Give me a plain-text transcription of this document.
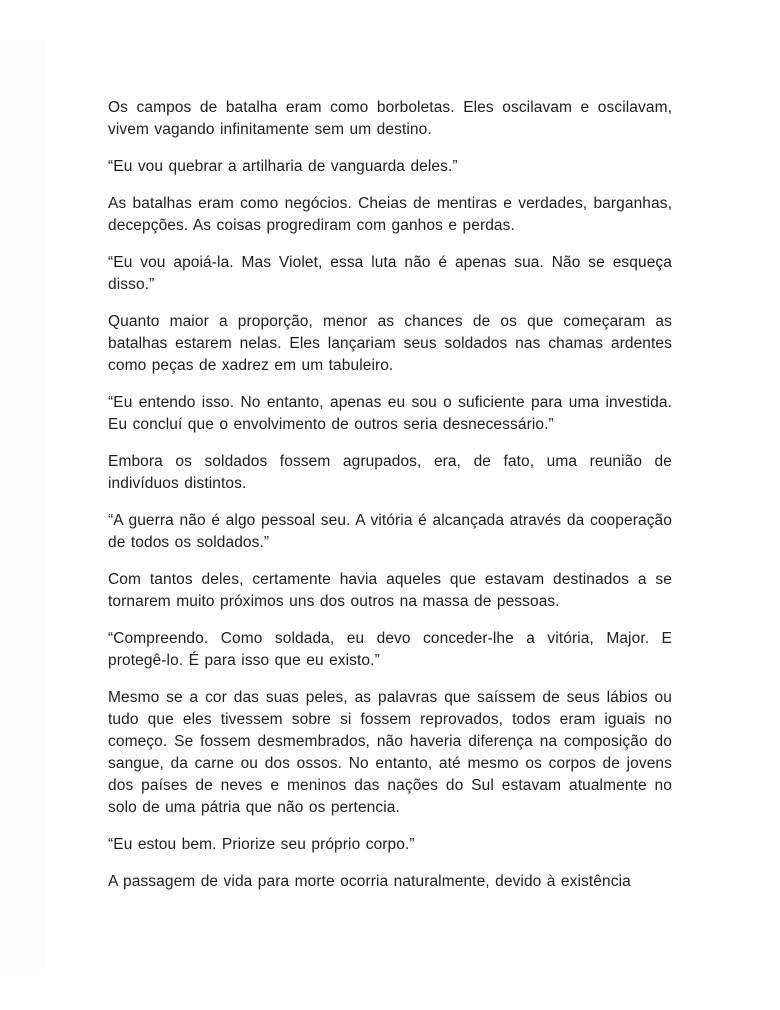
Os campos de batalha eram como borboletas. Eles oscilavam e oscilavam, vivem vagando infinitamente sem um destino.

“Eu vou quebrar a artilharia de vanguarda deles.”

As batalhas eram como negócios. Cheias de mentiras e verdades, barganhas, decepções. As coisas progrediram com ganhos e perdas.

“Eu vou apoiá-la. Mas Violet, essa luta não é apenas sua. Não se esqueça disso.”

Quanto maior a proporção, menor as chances de os que começaram as batalhas estarem nelas. Eles lançariam seus soldados nas chamas ardentes como peças de xadrez em um tabuleiro.

“Eu entendo isso. No entanto, apenas eu sou o suficiente para uma investida. Eu concluí que o envolvimento de outros seria desnecessário.”

Embora os soldados fossem agrupados, era, de fato, uma reunião de indivíduos distintos.

“A guerra não é algo pessoal seu. A vitória é alcançada através da cooperação de todos os soldados.”

Com tantos deles, certamente havia aqueles que estavam destinados a se tornarem muito próximos uns dos outros na massa de pessoas.

“Compreendo. Como soldada, eu devo conceder-lhe a vitória, Major. E protegê-lo. É para isso que eu existo.”

Mesmo se a cor das suas peles, as palavras que saíssem de seus lábios ou tudo que eles tivessem sobre si fossem reprovados, todos eram iguais no começo. Se fossem desmembrados, não haveria diferença na composição do sangue, da carne ou dos ossos. No entanto, até mesmo os corpos de jovens dos países de neves e meninos das nações do Sul estavam atualmente no solo de uma pátria que não os pertencia.

“Eu estou bem. Priorize seu próprio corpo.”

A passagem de vida para morte ocorria naturalmente, devido à existência
